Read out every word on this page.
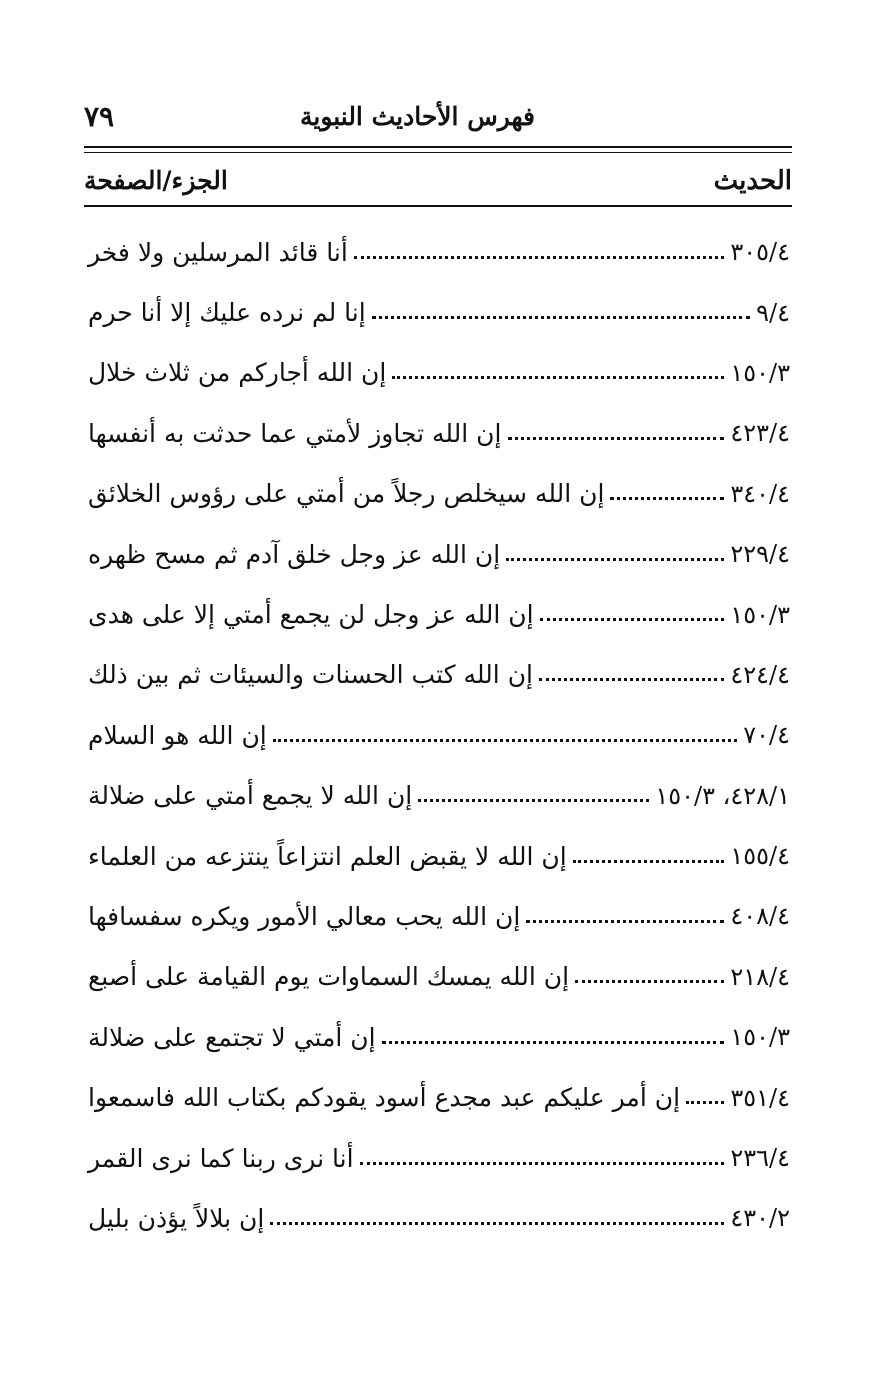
فهرس الأحاديث النبوية
٧٩
الحديث
الجزء/الصفحة
أنا قائد المرسلين ولا فخر	٣٠٥/٤
إنا لم نرده عليك إلا أنا حرم	٩/٤
إن الله أجاركم من ثلاث خلال	١٥٠/٣
إن الله تجاوز لأمتي عما حدثت به أنفسها	٤٢٣/٤
إن الله سيخلص رجلاً من أمتي على رؤوس الخلائق	٣٤٠/٤
إن الله عز وجل خلق آدم ثم مسح ظهره	٢٢٩/٤
إن الله عز وجل لن يجمع أمتي إلا على هدى	١٥٠/٣
إن الله كتب الحسنات والسيئات ثم بين ذلك	٤٢٤/٤
إن الله هو السلام	٧٠/٤
إن الله لا يجمع أمتي على ضلالة	٤٢٨/١، ١٥٠/٣
إن الله لا يقبض العلم انتزاعاً ينتزعه من العلماء	١٥٥/٤
إن الله يحب معالي الأمور ويكره سفسافها	٤٠٨/٤
إن الله يمسك السماوات يوم القيامة على أصبع	٢١٨/٤
إن أمتي لا تجتمع على ضلالة	١٥٠/٣
إن أمر عليكم عبد مجدع أسود يقودكم بكتاب الله فاسمعوا ٣٥١/٤
أنا نرى ربنا كما نرى القمر	٢٣٦/٤
إن بلالاً يؤذن بليل	٤٣٠/٢
